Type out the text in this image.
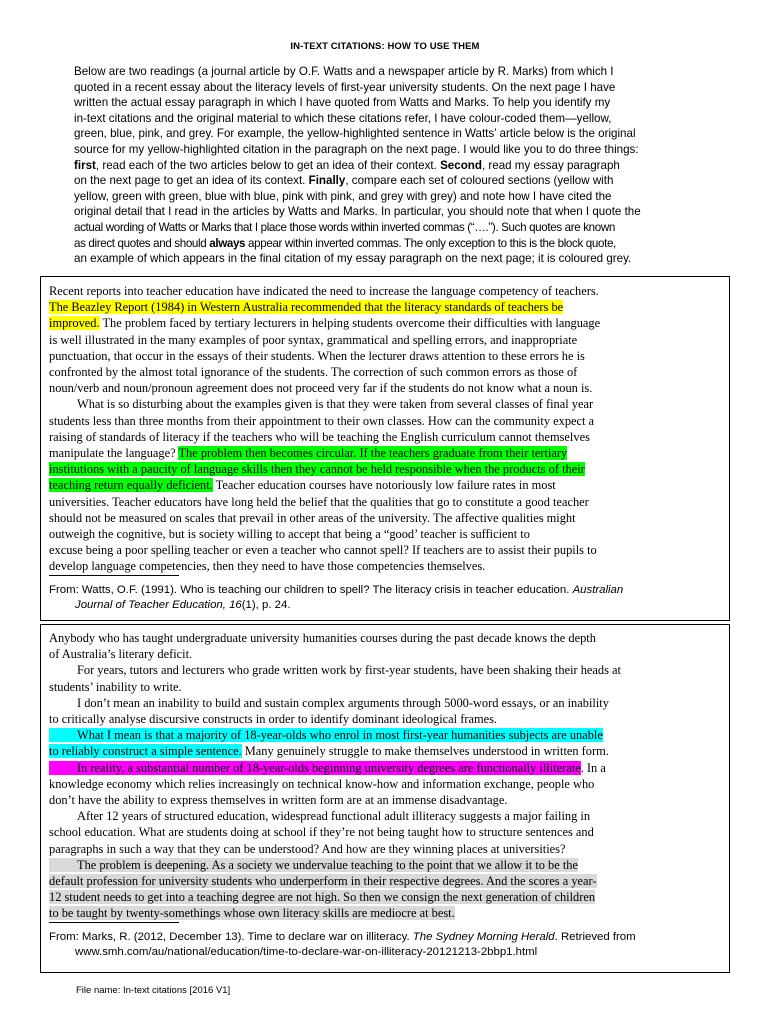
IN-TEXT CITATIONS: HOW TO USE THEM
Below are two readings (a journal article by O.F. Watts and a newspaper article by R. Marks) from which I
quoted in a recent essay about the literacy levels of first-year university students. On the next page I have
written the actual essay paragraph in which I have quoted from Watts and Marks. To help you identify my
in-text citations and the original material to which these citations refer, I have colour-coded them—yellow,
green, blue, pink, and grey. For example, the yellow-highlighted sentence in Watts’ article below is the original
source for my yellow-highlighted citation in the paragraph on the next page. I would like you to do three things:
first, read each of the two articles below to get an idea of their context. Second, read my essay paragraph
on the next page to get an idea of its context. Finally, compare each set of coloured sections (yellow with
yellow, green with green, blue with blue, pink with pink, and grey with grey) and note how I have cited the
original detail that I read in the articles by Watts and Marks. In particular, you should note that when I quote the
actual wording of Watts or Marks that I place those words within inverted commas (“….”). Such quotes are known
as direct quotes and should always appear within inverted commas. The only exception to this is the block quote,
an example of which appears in the final citation of my essay paragraph on the next page; it is coloured grey.
Recent reports into teacher education have indicated the need to increase the language competency of teachers.
The Beazley Report (1984) in Western Australia recommended that the literacy standards of teachers be
improved. The problem faced by tertiary lecturers in helping students overcome their difficulties with language
is well illustrated in the many examples of poor syntax, grammatical and spelling errors, and inappropriate
punctuation, that occur in the essays of their students. When the lecturer draws attention to these errors he is
confronted by the almost total ignorance of the students. The correction of such common errors as those of
noun/verb and noun/pronoun agreement does not proceed very far if the students do not know what a noun is.
What is so disturbing about the examples given is that they were taken from several classes of final year
students less than three months from their appointment to their own classes. How can the community expect a
raising of standards of literacy if the teachers who will be teaching the English curriculum cannot themselves
manipulate the language? The problem then becomes circular. If the teachers graduate from their tertiary
institutions with a paucity of language skills then they cannot be held responsible when the products of their
teaching return equally deficient. Teacher education courses have notoriously low failure rates in most
universities. Teacher educators have long held the belief that the qualities that go to constitute a good teacher
should not be measured on scales that prevail in other areas of the university. The affective qualities might
outweigh the cognitive, but is society willing to accept that being a “good’ teacher is sufficient to
excuse being a poor spelling teacher or even a teacher who cannot spell? If teachers are to assist their pupils to
develop language competencies, then they need to have those competencies themselves.
From: Watts, O.F. (1991). Who is teaching our children to spell? The literacy crisis in teacher education. Australian
Journal of Teacher Education, 16(1), p. 24.
Anybody who has taught undergraduate university humanities courses during the past decade knows the depth
of Australia’s literary deficit.
For years, tutors and lecturers who grade written work by first-year students, have been shaking their heads at
students’ inability to write.
I don’t mean an inability to build and sustain complex arguments through 5000-word essays, or an inability
to critically analyse discursive constructs in order to identify dominant ideological frames.
What I mean is that a majority of 18-year-olds who enrol in most first-year humanities subjects are unable
to reliably construct a simple sentence. Many genuinely struggle to make themselves understood in written form.
In reality, a substantial number of 18-year-olds beginning university degrees are functionally illiterate. In a
knowledge economy which relies increasingly on technical know-how and information exchange, people who
don’t have the ability to express themselves in written form are at an immense disadvantage.
After 12 years of structured education, widespread functional adult illiteracy suggests a major failing in
school education. What are students doing at school if they’re not being taught how to structure sentences and
paragraphs in such a way that they can be understood? And how are they winning places at universities?
The problem is deepening. As a society we undervalue teaching to the point that we allow it to be the
default profession for university students who underperform in their respective degrees. And the scores a year-
12 student needs to get into a teaching degree are not high. So then we consign the next generation of children
to be taught by twenty-somethings whose own literacy skills are mediocre at best.
From: Marks, R. (2012, December 13). Time to declare war on illiteracy. The Sydney Morning Herald. Retrieved from
www.smh.com/au/national/education/time-to-declare-war-on-illiteracy-20121213-2bbp1.html
File name: In-text citations [2016 V1]
